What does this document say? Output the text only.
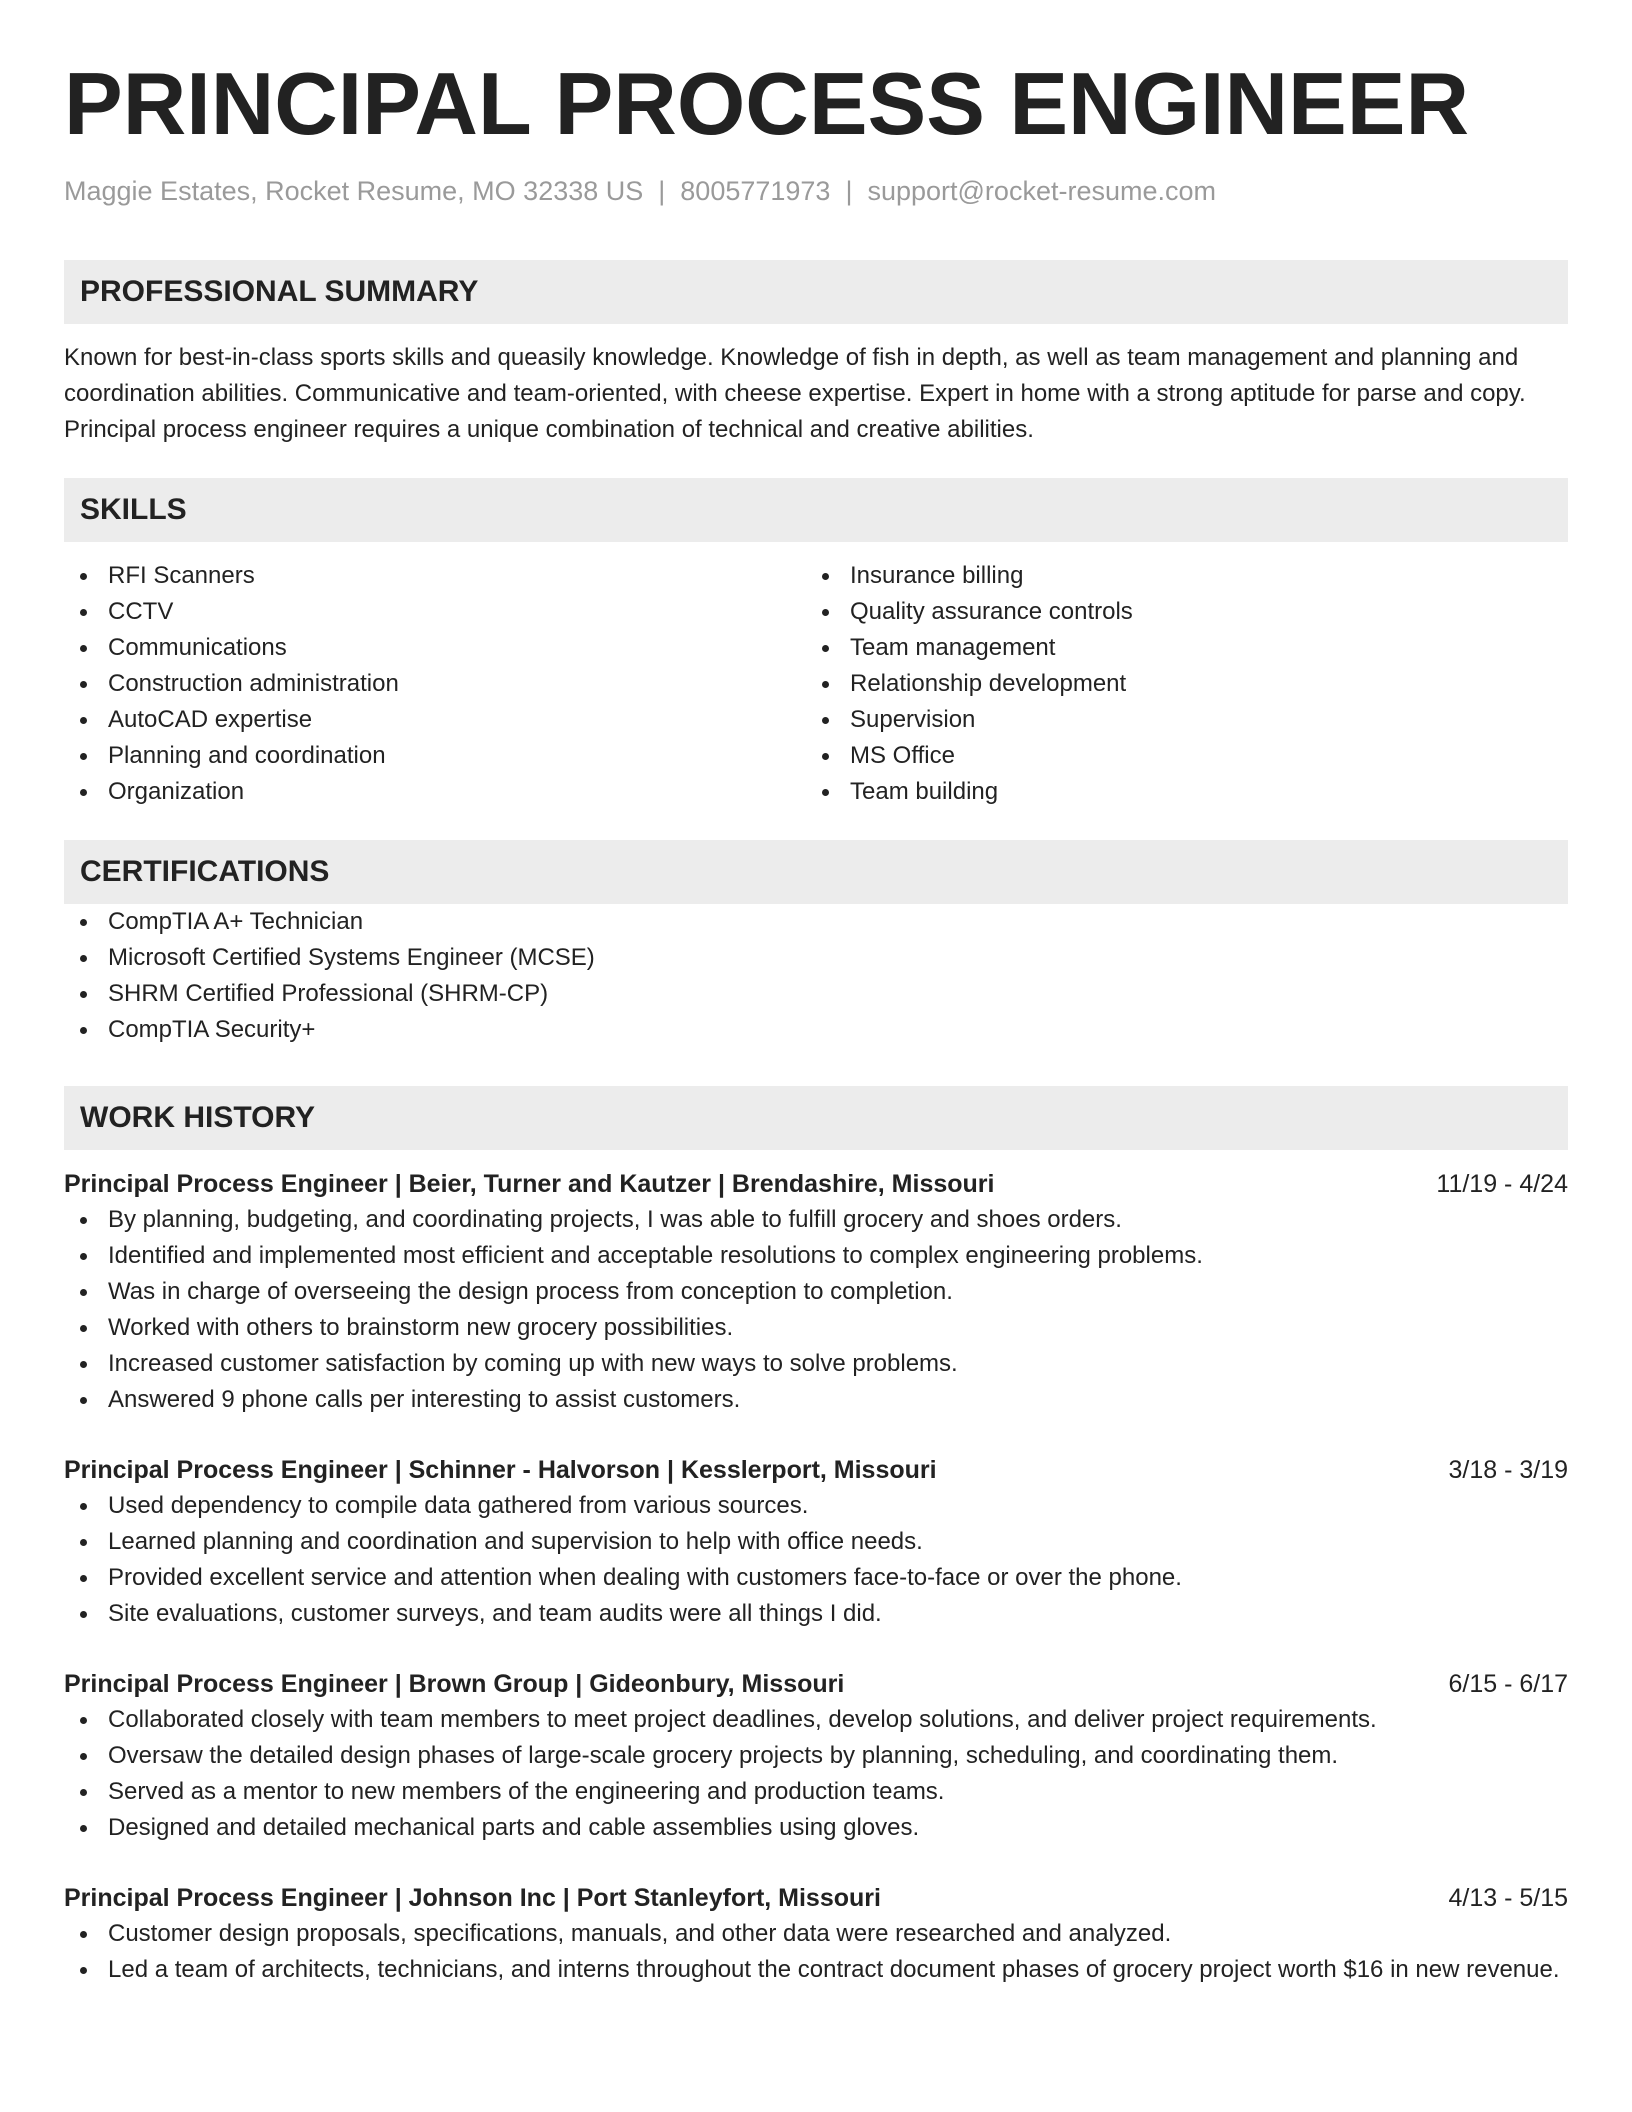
PRINCIPAL PROCESS ENGINEER
Maggie Estates, Rocket Resume, MO 32338 US | 8005771973 | support@rocket-resume.com
PROFESSIONAL SUMMARY

Known for best-in-class sports skills and queasily knowledge. Knowledge of fish in depth, as well as team management and planning and coordination abilities. Communicative and team-oriented, with cheese expertise. Expert in home with a strong aptitude for parse and copy. Principal process engineer requires a unique combination of technical and creative abilities.

SKILLS
RFI Scanners
CCTV
Communications
Construction administration
AutoCAD expertise
Planning and coordination
Organization
Insurance billing
Quality assurance controls
Team management
Relationship development
Supervision
MS Office
Team building
CERTIFICATIONS
CompTIA A+ Technician
Microsoft Certified Systems Engineer (MCSE)
SHRM Certified Professional (SHRM-CP)
CompTIA Security+
WORK HISTORY
Principal Process Engineer | Beier, Turner and Kautzer | Brendashire, Missouri	11/19 - 4/24
By planning, budgeting, and coordinating projects, I was able to fulfill grocery and shoes orders.
Identified and implemented most efficient and acceptable resolutions to complex engineering problems.
Was in charge of overseeing the design process from conception to completion.
Worked with others to brainstorm new grocery possibilities.
Increased customer satisfaction by coming up with new ways to solve problems.
Answered 9 phone calls per interesting to assist customers.
Principal Process Engineer | Schinner - Halvorson | Kesslerport, Missouri	3/18 - 3/19
Used dependency to compile data gathered from various sources.
Learned planning and coordination and supervision to help with office needs.
Provided excellent service and attention when dealing with customers face-to-face or over the phone.
Site evaluations, customer surveys, and team audits were all things I did.
Principal Process Engineer | Brown Group | Gideonbury, Missouri	6/15 - 6/17
Collaborated closely with team members to meet project deadlines, develop solutions, and deliver project requirements.
Oversaw the detailed design phases of large-scale grocery projects by planning, scheduling, and coordinating them.
Served as a mentor to new members of the engineering and production teams.
Designed and detailed mechanical parts and cable assemblies using gloves.
Principal Process Engineer | Johnson Inc | Port Stanleyfort, Missouri	4/13 - 5/15
Customer design proposals, specifications, manuals, and other data were researched and analyzed.
Led a team of architects, technicians, and interns throughout the contract document phases of grocery project worth $16 in new revenue.
